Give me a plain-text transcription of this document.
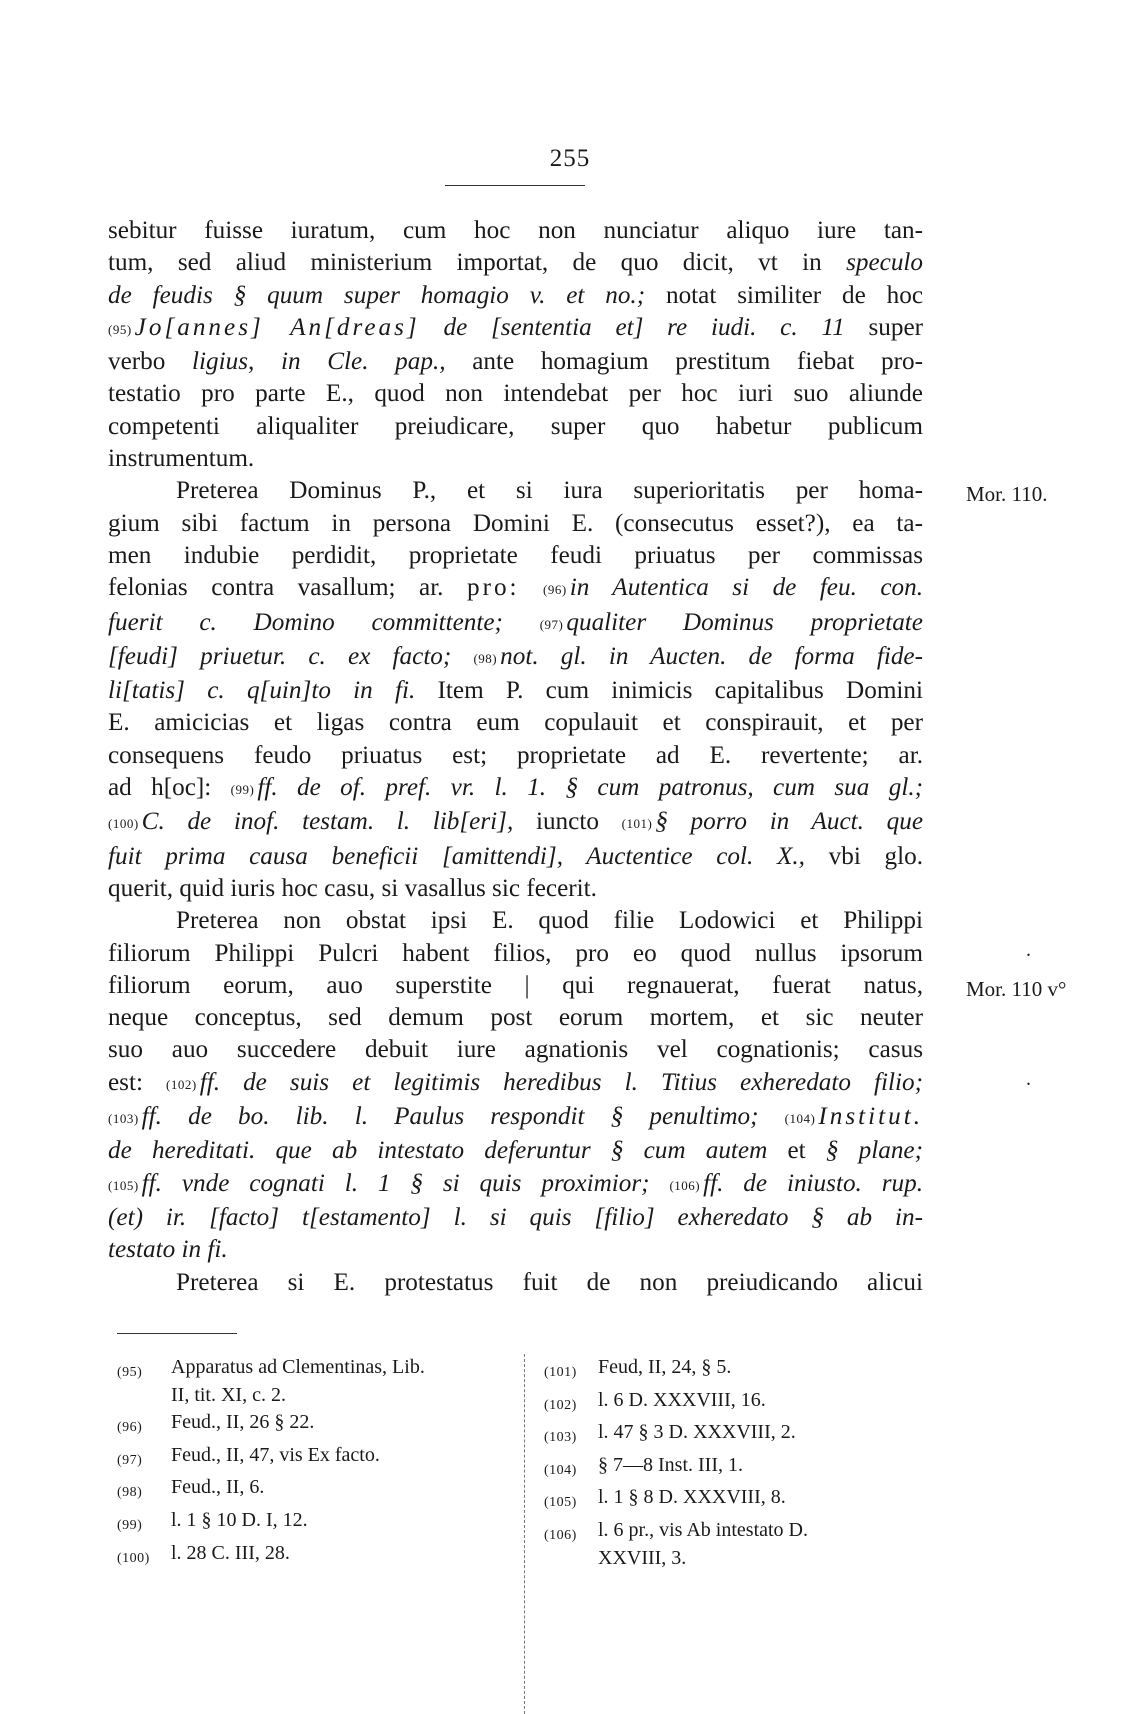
255
sebitur fuisse iuratum, cum hoc non nunciatur aliquo iure tan-
tum, sed aliud ministerium importat, de quo dicit, vt in speculo
de feudis § quum super homagio v. et no.; notat similiter de hoc
(95) Jo[annes] An[dreas] de [sententia et] re iudi. c. 11 super
verbo ligius, in Cle. pap., ante homagium prestitum fiebat pro-
testatio pro parte E., quod non intendebat per hoc iuri suo aliunde
competenti aliqualiter preiudicare, super quo habetur publicum
instrumentum.
Preterea Dominus P., et si iura superioritatis per homa- Mor. 110.
gium sibi factum in persona Domini E. (consecutus esset?), ea ta-
men indubie perdidit, proprietate feudi priuatus per commissas
felonias contra vasallum; ar. pro: (96) in Autentica si de feu. con.
fuerit c. Domino committente;	(97) qualiter Dominus proprietate
[feudi] priuetur. c. ex facto; (98) not. gl. in Aucten. de forma fide-
li[tatis] c. q[uin]to in fi. Item P. cum inimicis capitalibus Domini
E. amicicias et ligas contra eum copulauit et conspirauit, et per
consequens feudo priuatus est; proprietate ad E. revertente; ar.
ad h[oc]: (99) ff. de of. pref. vr. l. 1. § cum patronus, cum sua gl.;
(100) C. de inof. testam. l. lib[eri], iuncto (101) § porro in Auct. que
fuit prima causa beneficii [amittendi], Auctentice col. X., vbi glo.
querit, quid iuris hoc casu, si vasallus sic fecerit.
Preterea non obstat ipsi E. quod filie Lodowici et Philippi
filiorum Philippi Pulcri habent filios, pro eo quod nullus ipsorum	.
filiorum eorum, auo superstite | qui regnauerat, fuerat natus, Mor. 110 v°
neque conceptus, sed demum post eorum mortem, et sic neuter
suo auo succedere debuit iure agnationis vel cognationis; casus
est: (102) ff. de suis et legitimis heredibus l. Titius exheredato filio;	.
(103) ff. de bo. lib. l. Paulus respondit § penultimo; (104) Institut.
de hereditati. que ab intestato deferuntur § cum autem et § plane;
(105) ff. vnde cognati l. 1 § si quis proximior; (106) ff. de iniusto. rup.
(et) ir. [facto] t[estamento] l. si quis [filio] exheredato § ab in-
testato in fi.
Preterea si E. protestatus fuit de non preiudicando alicui
(95)	Apparatus ad Clementinas, Lib.
II, tit. XI, c. 2.
(96)	Feud., II, 26 § 22.
(97)	Feud., II, 47, vis Ex facto.
(98)	Feud., II, 6.
(99)	l. 1 § 10 D. I, 12.
(100)	l. 28 C. III, 28.
(101)	Feud, II, 24, § 5.
(102)	l. 6 D. XXXVIII, 16.
(103)	l. 47 § 3 D. XXXVIII, 2.
(104)	§ 7—8 Inst. III, 1.
(105)	l. 1 § 8 D. XXXVIII, 8.
(106)	l. 6 pr., vis Ab intestato D.
XXVIII, 3.
